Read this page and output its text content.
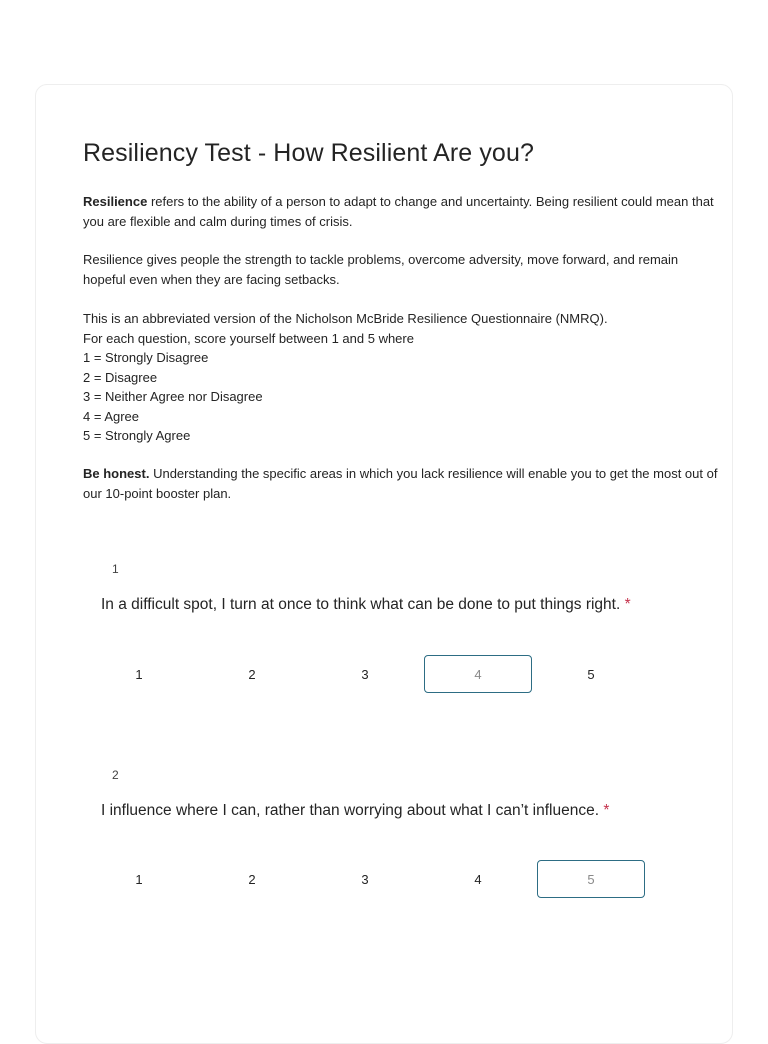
Resiliency Test - How Resilient Are you?

Resilience refers to the ability of a person to adapt to change and uncertainty. Being resilient could mean that you are flexible and calm during times of crisis.

Resilience gives people the strength to tackle problems, overcome adversity, move forward, and remain hopeful even when they are facing setbacks.

This is an abbreviated version of the Nicholson McBride Resilience Questionnaire (NMRQ).
For each question, score yourself between 1 and 5 where
1 = Strongly Disagree
2 = Disagree
3 = Neither Agree nor Disagree
4 = Agree
5 = Strongly Agree

Be honest. Understanding the specific areas in which you lack resilience will enable you to get the most out of our 10-point booster plan.

1
In a difficult spot, I turn at once to think what can be done to put things right. *
1	2	3	4	5
2
I influence where I can, rather than worrying about what I can’t influence. *
1	2	3	4	5
